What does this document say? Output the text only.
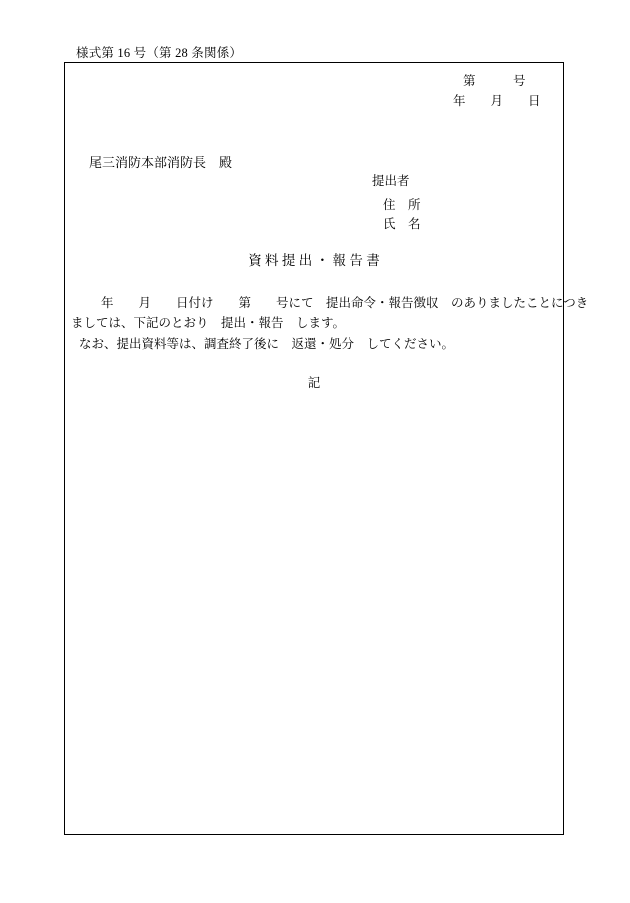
様式第 16 号（第 28 条関係）
第　　　号
年　　月　　日
尾三消防本部消防長　殿
提出者
住　所
氏　名
資 料 提 出 ・ 報 告 書
年　　月　　日付け　　第　　号にて　提出命令・報告徴収　のありましたことにつき
ましては、下記のとおり　提出・報告　します。
なお、提出資料等は、調査終了後に　返還・処分　してください。
記
